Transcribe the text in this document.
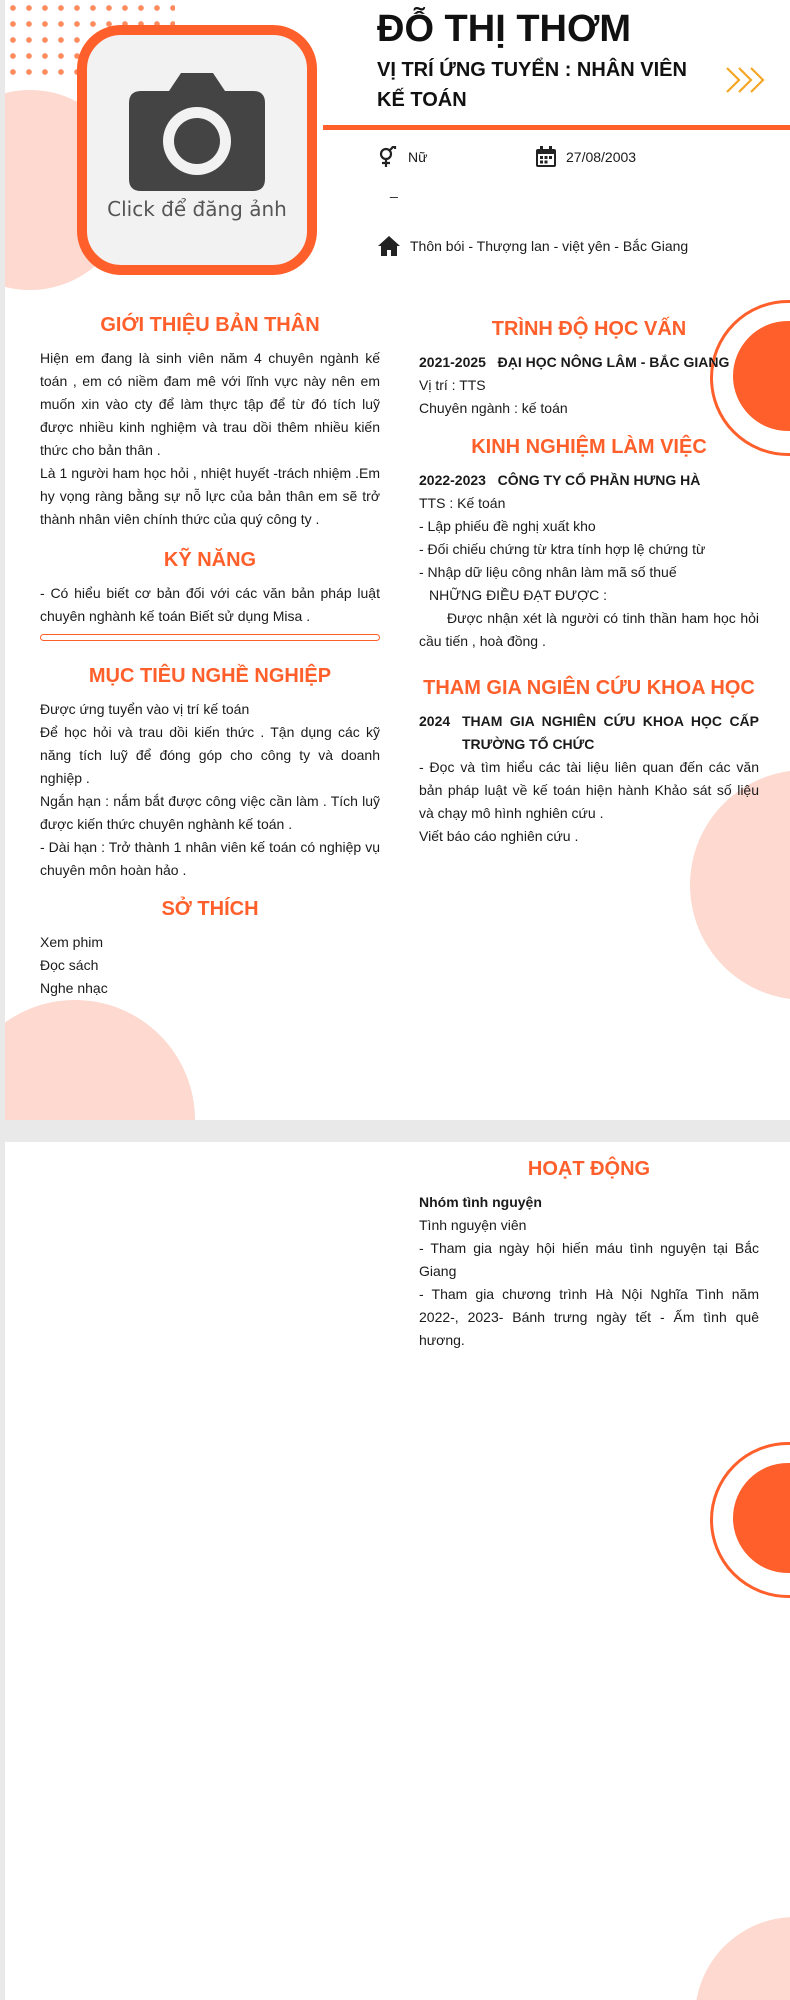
Click để đăng ảnh
ĐỖ THỊ THƠM
VỊ TRÍ ỨNG TUYỂN : NHÂN VIÊN
KẾ TOÁN
Nữ	27/08/2003
_
Thôn bói - Thượng lan - việt yên - Bắc Giang
GIỚI THIỆU BẢN THÂN

Hiện em đang là sinh viên năm 4 chuyên ngành kế toán , em có niềm đam mê với lĩnh vực này nên em muốn xin vào cty để làm thực tập để từ đó tích luỹ được nhiều kinh nghiệm và trau dồi thêm nhiều kiến thức cho bản thân .

Là 1 người ham học hỏi , nhiệt huyết -trách nhiệm .Em hy vọng ràng bằng sự nỗ lực của bản thân em sẽ trở thành nhân viên chính thức của quý công ty .

KỸ NĂNG

- Có hiểu biết cơ bản đối với các văn bản pháp luật chuyên nghành kế toán Biết sử dụng Misa .

MỤC TIÊU NGHỀ NGHIỆP

Được ứng tuyển vào vị trí kế toán

Để học hỏi và trau dồi kiến thức . Tận dụng các kỹ năng tích luỹ để đóng góp cho công ty và doanh nghiệp .

Ngắn hạn : nắm bắt được công việc cần làm . Tích luỹ được kiến thức chuyên nghành kế toán .

- Dài hạn : Trở thành 1 nhân viên kế toán có nghiệp vụ chuyên môn hoàn hảo .

SỞ THÍCH

Xem phim

Đọc sách

Nghe nhạc

TRÌNH ĐỘ HỌC VẤN

2021-2025 ĐẠI HỌC NÔNG LÂM - BẮC GIANG

Vị trí : TTS

Chuyên ngành : kế toán

KINH NGHIỆM LÀM VIỆC

2022-2023 CÔNG TY CỔ PHẦN HƯNG HÀ

TTS : Kế toán

- Lập phiếu đề nghị xuất kho

- Đối chiếu chứng từ ktra tính hợp lệ chứng từ

- Nhập dữ liệu công nhân làm mã số thuế

NHỮNG ĐIỀU ĐẠT ĐƯỢC :

Được nhận xét là người có tinh thần ham học hỏi cầu tiến , hoà đồng .

THAM GIA NGIÊN CỨU KHOA HỌC
2024 THAM GIA NGHIÊN CỨU KHOA HỌC CẤP TRƯỜNG TỔ CHỨC

- Đọc và tìm hiểu các tài liệu liên quan đến các văn bản pháp luật về kế toán hiện hành Khảo sát số liệu và chạy mô hình nghiên cứu .

Viết báo cáo nghiên cứu .

HOẠT ĐỘNG

Nhóm tình nguyện

Tình nguyện viên

- Tham gia ngày hội hiến máu tình nguyện tại Bắc Giang

- Tham gia chương trình Hà Nội Nghĩa Tình năm 2022-, 2023- Bánh trưng ngày tết - Ấm tình quê hương.
